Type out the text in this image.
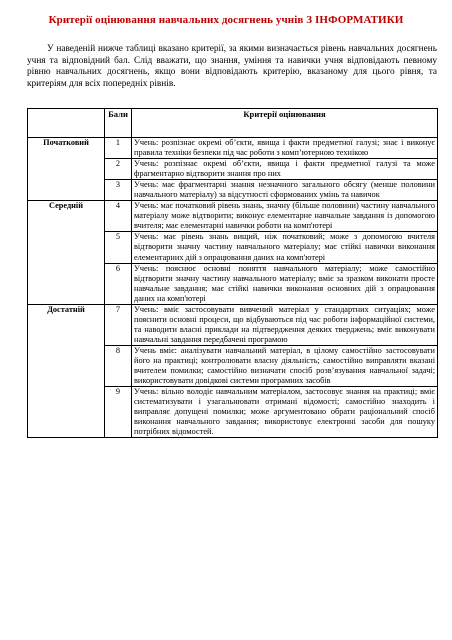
Критерії оцінювання навчальних досягнень учнів З ІНФОРМАТИКИ
У наведеній нижче таблиці вказано критерії, за якими визначається рівень навчальних досягнень учня та відповідний бал. Слід вважати, що знання, уміння та навички учня відповідають певному рівню навчальних досягнень, якщо вони відповідають критерію, вказаному для цього рівня, та критеріям для всіх попередніх рівнів.
	Бали	Критерії оцінювання
Початковий	1	Учень: розпізнає окремі об’єкти, явища і факти предметної галузі; знає і виконує правила техніки безпеки під час роботи з комп’ютерною технікою
	2	Учень: розпізнає окремі об’єкти, явища і факти предметної галузі та може фрагментарно відтворити знання про них
	3	Учень: має фрагментарні знання незначного загального обсягу (менше половини навчального матеріалу) за відсутності сформованих умінь та навичок
Середній	4	Учень: має початковий рівень знань, значну (більше половини) частину навчального матеріалу може відтворити; виконує елементарне навчальне завдання із допомогою вчителя; має елементарні навички роботи на комп'ютері
	5	Учень: має рівень знань вищий, ніж початковий; може з допомогою вчителя відтворити значну частину навчального матеріалу; має стійкі навички виконання елементарних дій з опрацювання даних на комп'ютері
	6	Учень: пояснює основні поняття навчального матеріалу; може самостійно відтворити значну частину навчального матеріалу; вміє за зразком виконати просте навчальне завдання; має стійкі навички виконання основних дій з опрацювання даних на комп'ютері
Достатній	7	Учень: вміє застосовувати вивчений матеріал у стандартних ситуаціях; може пояснити основні процеси, що відбуваються під час роботи інформаційної системи, та наводити власні приклади на підтвердження деяких тверджень; вміє виконувати навчальні завдання передбачені програмою
	8	Учень вміє: аналізувати навчальний матеріал, в цілому самостійно застосовувати його на практиці; контролювати власну діяльність; самостійно виправляти вказані вчителем помилки; самостійно визначати спосіб розв’язування навчальної задачі; використовувати довідкові системи програмних засобів
	9	Учень: вільно володіє навчальним матеріалом, застосовує знання на практиці; вміє систематизувати і узагальнювати отримані відомості; самостійно знаходить і виправляє допущені помилки; може аргументовано обрати раціональний спосіб виконання навчального завдання; використовує електронні засоби для пошуку потрібних відомостей.
